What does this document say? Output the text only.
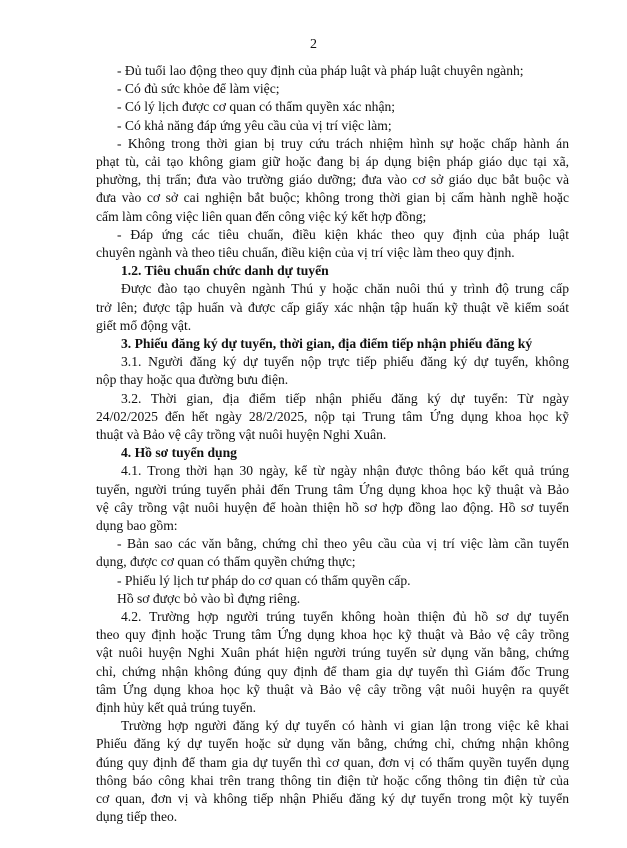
2
- Đủ tuổi lao động theo quy định của pháp luật và pháp luật chuyên ngành;
- Có đủ sức khỏe để làm việc;
- Có lý lịch được cơ quan có thẩm quyền xác nhận;
- Có khả năng đáp ứng yêu cầu của vị trí việc làm;
- Không trong thời gian bị truy cứu trách nhiệm hình sự hoặc chấp hành án
phạt tù, cải tạo không giam giữ hoặc đang bị áp dụng biện pháp giáo dục tại xã,
phường, thị trấn; đưa vào trường giáo dưỡng; đưa vào cơ sở giáo dục bắt buộc và
đưa vào cơ sở cai nghiện bắt buộc; không trong thời gian bị cấm hành nghề hoặc
cấm làm công việc liên quan đến công việc ký kết hợp đồng;
- Đáp ứng các tiêu chuẩn, điều kiện khác theo quy định của pháp luật
chuyên ngành và theo tiêu chuẩn, điều kiện của vị trí việc làm theo quy định.
1.2. Tiêu chuẩn chức danh dự tuyển
Được đào tạo chuyên ngành Thú y hoặc chăn nuôi thú y trình độ trung cấp
trở lên; được tập huấn và được cấp giấy xác nhận tập huấn kỹ thuật về kiểm soát
giết mổ động vật.
3. Phiếu đăng ký dự tuyển, thời gian, địa điểm tiếp nhận phiếu đăng ký
3.1. Người đăng ký dự tuyển nộp trực tiếp phiếu đăng ký dự tuyển, không
nộp thay hoặc qua đường bưu điện.
3.2. Thời gian, địa điểm tiếp nhận phiếu đăng ký dự tuyển: Từ ngày
24/02/2025 đến hết ngày 28/2/2025, nộp tại Trung tâm Ứng dụng khoa học kỹ
thuật và Bảo vệ cây trồng vật nuôi huyện Nghi Xuân.
4. Hồ sơ tuyển dụng
4.1. Trong thời hạn 30 ngày, kể từ ngày nhận được thông báo kết quả trúng
tuyển, người trúng tuyển phải đến Trung tâm Ứng dụng khoa học kỹ thuật và Bảo
vệ cây trồng vật nuôi huyện để hoàn thiện hồ sơ hợp đồng lao động. Hồ sơ tuyển
dụng bao gồm:
- Bản sao các văn bằng, chứng chỉ theo yêu cầu của vị trí việc làm cần tuyển
dụng, được cơ quan có thẩm quyền chứng thực;
- Phiếu lý lịch tư pháp do cơ quan có thẩm quyền cấp.
Hồ sơ được bỏ vào bì đựng riêng.
4.2. Trường hợp người trúng tuyển không hoàn thiện đủ hồ sơ dự tuyển
theo quy định hoặc Trung tâm Ứng dụng khoa học kỹ thuật và Bảo vệ cây trồng
vật nuôi huyện Nghi Xuân phát hiện người trúng tuyển sử dụng văn bằng, chứng
chỉ, chứng nhận không đúng quy định để tham gia dự tuyển thì Giám đốc Trung
tâm Ứng dụng khoa học kỹ thuật và Bảo vệ cây trồng vật nuôi huyện ra quyết
định hủy kết quả trúng tuyển.
Trường hợp người đăng ký dự tuyển có hành vi gian lận trong việc kê khai
Phiếu đăng ký dự tuyển hoặc sử dụng văn bằng, chứng chỉ, chứng nhận không
đúng quy định để tham gia dự tuyển thì cơ quan, đơn vị có thẩm quyền tuyển dụng
thông báo công khai trên trang thông tin điện tử hoặc cổng thông tin điện tử của
cơ quan, đơn vị và không tiếp nhận Phiếu đăng ký dự tuyển trong một kỳ tuyển
dụng tiếp theo.
